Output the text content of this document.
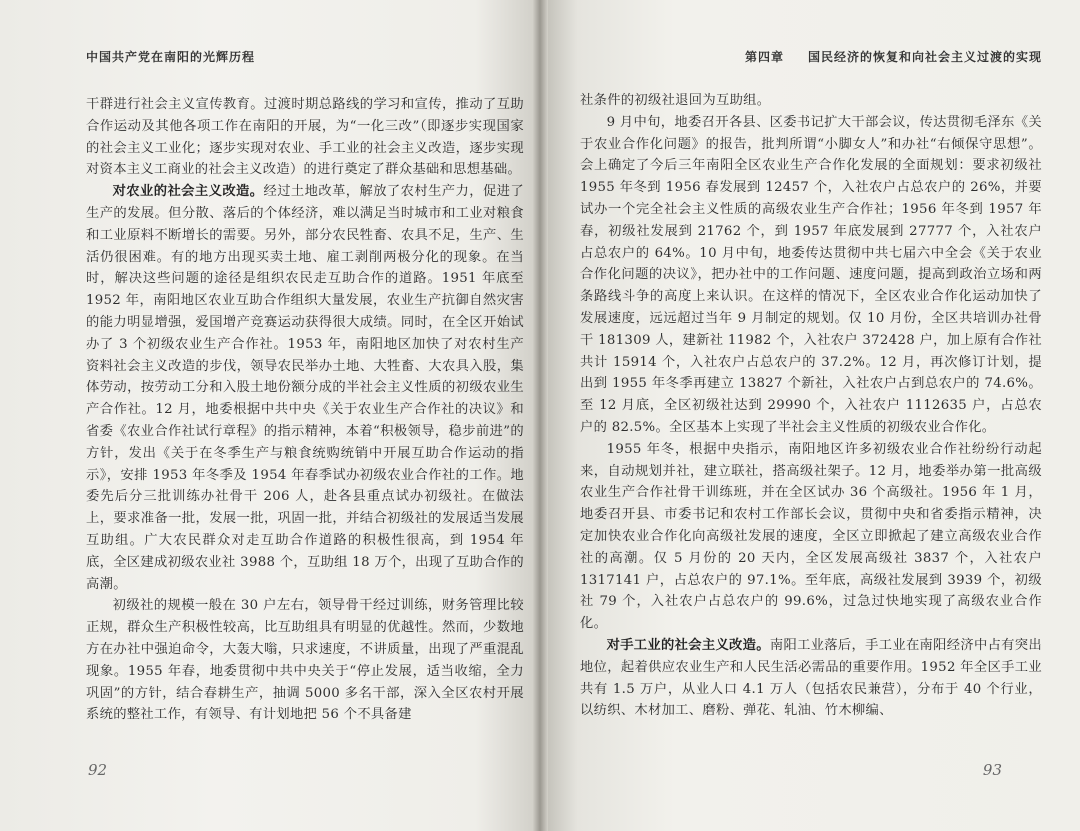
中国共产党在南阳的光辉历程

干群进行社会主义宣传教育。过渡时期总路线的学习和宣传，推动了互助合作运动及其他各项工作在南阳的开展，为“一化三改”（即逐步实现国家的社会主义工业化；逐步实现对农业、手工业的社会主义改造，逐步实现对资本主义工商业的社会主义改造）的进行奠定了群众基础和思想基础。

对农业的社会主义改造。经过土地改革，解放了农村生产力，促进了生产的发展。但分散、落后的个体经济，难以满足当时城市和工业对粮食和工业原料不断增长的需要。另外，部分农民牲畜、农具不足，生产、生活仍很困难。有的地方出现买卖土地、雇工剥削两极分化的现象。在当时，解决这些问题的途径是组织农民走互助合作的道路。1951 年底至 1952 年，南阳地区农业互助合作组织大量发展，农业生产抗御自然灾害的能力明显增强，爱国增产竞赛运动获得很大成绩。同时，在全区开始试办了 3 个初级农业生产合作社。1953 年，南阳地区加快了对农村生产资料社会主义改造的步伐，领导农民举办土地、大牲畜、大农具入股，集体劳动，按劳动工分和入股土地份额分成的半社会主义性质的初级农业生产合作社。12 月，地委根据中共中央《关于农业生产合作社的决议》和省委《农业合作社试行章程》的指示精神，本着“积极领导，稳步前进”的方针，发出《关于在冬季生产与粮食统购统销中开展互助合作运动的指示》，安排 1953 年冬季及 1954 年春季试办初级农业合作社的工作。地委先后分三批训练办社骨干 206 人，赴各县重点试办初级社。在做法上，要求准备一批，发展一批，巩固一批，并结合初级社的发展适当发展互助组。广大农民群众对走互助合作道路的积极性很高，到 1954 年底，全区建成初级农业社 3988 个，互助组 18 万个，出现了互助合作的高潮。

初级社的规模一般在 30 户左右，领导骨干经过训练，财务管理比较正规，群众生产积极性较高，比互助组具有明显的优越性。然而，少数地方在办社中强迫命令，大轰大嗡，只求速度，不讲质量，出现了严重混乱现象。1955 年春，地委贯彻中共中央关于“停止发展，适当收缩，全力巩固”的方针，结合春耕生产，抽调 5000 多名干部，深入全区农村开展系统的整社工作，有领导、有计划地把 56 个不具备建

92
第四章 国民经济的恢复和向社会主义过渡的实现

社条件的初级社退回为互助组。

9 月中旬，地委召开各县、区委书记扩大干部会议，传达贯彻毛泽东《关于农业合作化问题》的报告，批判所谓“小脚女人”和办社“右倾保守思想”。会上确定了今后三年南阳全区农业生产合作化发展的全面规划：要求初级社 1955 年冬到 1956 春发展到 12457 个，入社农户占总农户的 26%，并要试办一个完全社会主义性质的高级农业生产合作社；1956 年冬到 1957 年春，初级社发展到 21762 个，到 1957 年底发展到 27777 个，入社农户占总农户的 64%。10 月中旬，地委传达贯彻中共七届六中全会《关于农业合作化问题的决议》，把办社中的工作问题、速度问题，提高到政治立场和两条路线斗争的高度上来认识。在这样的情况下，全区农业合作化运动加快了发展速度，远远超过当年 9 月制定的规划。仅 10 月份，全区共培训办社骨干 181309 人，建新社 11982 个，入社农户 372428 户，加上原有合作社共计 15914 个，入社农户占总农户的 37.2%。12 月，再次修订计划，提出到 1955 年冬季再建立 13827 个新社，入社农户占到总农户的 74.6%。至 12 月底，全区初级社达到 29990 个，入社农户 1112635 户，占总农户的 82.5%。全区基本上实现了半社会主义性质的初级农业合作化。

1955 年冬，根据中央指示，南阳地区许多初级农业合作社纷纷行动起来，自动规划并社，建立联社，搭高级社架子。12 月，地委举办第一批高级农业生产合作社骨干训练班，并在全区试办 36 个高级社。1956 年 1 月，地委召开县、市委书记和农村工作部长会议，贯彻中央和省委指示精神，决定加快农业合作化向高级社发展的速度，全区立即掀起了建立高级农业合作社的高潮。仅 5 月份的 20 天内，全区发展高级社 3837 个，入社农户 1317141 户，占总农户的 97.1%。至年底，高级社发展到 3939 个，初级社 79 个，入社农户占总农户的 99.6%，过急过快地实现了高级农业合作化。

对手工业的社会主义改造。南阳工业落后，手工业在南阳经济中占有突出地位，起着供应农业生产和人民生活必需品的重要作用。1952 年全区手工业共有 1.5 万户，从业人口 4.1 万人（包括农民兼营），分布于 40 个行业，以纺织、木材加工、磨粉、弹花、轧油、竹木柳编、

93
